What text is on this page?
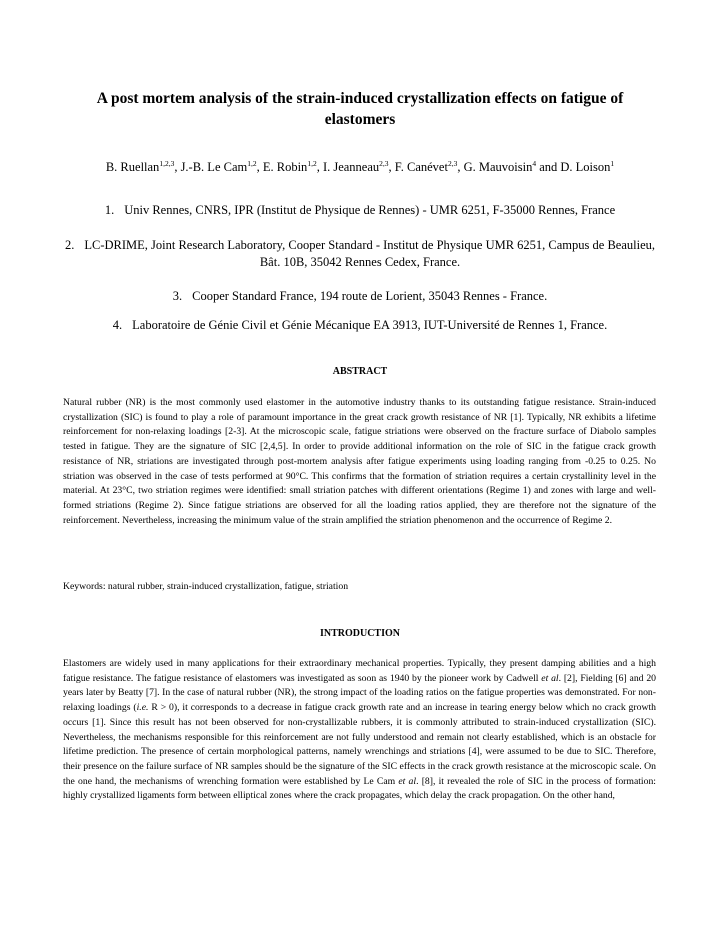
A post mortem analysis of the strain-induced crystallization effects on fatigue of elastomers
B. Ruellan$^{1,2,3}$, J.-B. Le Cam$^{1,2}$, E. Robin$^{1,2}$, I. Jeanneau$^{2,3}$, F. Canévet$^{2,3}$, G. Mauvoisin$^4$ and D. Loison$^1$
1. Univ Rennes, CNRS, IPR (Institut de Physique de Rennes) - UMR 6251, F-35000 Rennes, France
2. LC-DRIME, Joint Research Laboratory, Cooper Standard - Institut de Physique UMR 6251, Campus de Beaulieu, Bât. 10B, 35042 Rennes Cedex, France.
3. Cooper Standard France, 194 route de Lorient, 35043 Rennes - France.
4. Laboratoire de Génie Civil et Génie Mécanique EA 3913, IUT-Université de Rennes 1, France.
ABSTRACT
Natural rubber (NR) is the most commonly used elastomer in the automotive industry thanks to its outstanding fatigue resistance. Strain-induced crystallization (SIC) is found to play a role of paramount importance in the great crack growth resistance of NR [1]. Typically, NR exhibits a lifetime reinforcement for non-relaxing loadings [2-3]. At the microscopic scale, fatigue striations were observed on the fracture surface of Diabolo samples tested in fatigue. They are the signature of SIC [2,4,5]. In order to provide additional information on the role of SIC in the fatigue crack growth resistance of NR, striations are investigated through post-mortem analysis after fatigue experiments using loading ranging from -0.25 to 0.25. No striation was observed in the case of tests performed at 90°C. This confirms that the formation of striation requires a certain crystallinity level in the material. At 23°C, two striation regimes were identified: small striation patches with different orientations (Regime 1) and zones with large and well-formed striations (Regime 2). Since fatigue striations are observed for all the loading ratios applied, they are therefore not the signature of the reinforcement. Nevertheless, increasing the minimum value of the strain amplified the striation phenomenon and the occurrence of Regime 2.
Keywords: natural rubber, strain-induced crystallization, fatigue, striation
INTRODUCTION
Elastomers are widely used in many applications for their extraordinary mechanical properties. Typically, they present damping abilities and a high fatigue resistance. The fatigue resistance of elastomers was investigated as soon as 1940 by the pioneer work by Cadwell et al. [2], Fielding [6] and 20 years later by Beatty [7]. In the case of natural rubber (NR), the strong impact of the loading ratios on the fatigue properties was demonstrated. For non-relaxing loadings (i.e. R > 0), it corresponds to a decrease in fatigue crack growth rate and an increase in tearing energy below which no crack growth occurs [1]. Since this result has not been observed for non-crystallizable rubbers, it is commonly attributed to strain-induced crystallization (SIC). Nevertheless, the mechanisms responsible for this reinforcement are not fully understood and remain not clearly established, which is an obstacle for lifetime prediction. The presence of certain morphological patterns, namely wrenchings and striations [4], were assumed to be due to SIC. Therefore, their presence on the failure surface of NR samples should be the signature of the SIC effects in the crack growth resistance at the microscopic scale. On the one hand, the mechanisms of wrenching formation were established by Le Cam et al. [8], it revealed the role of SIC in the process of formation: highly crystallized ligaments form between elliptical zones where the crack propagates, which delay the crack propagation. On the other hand,
